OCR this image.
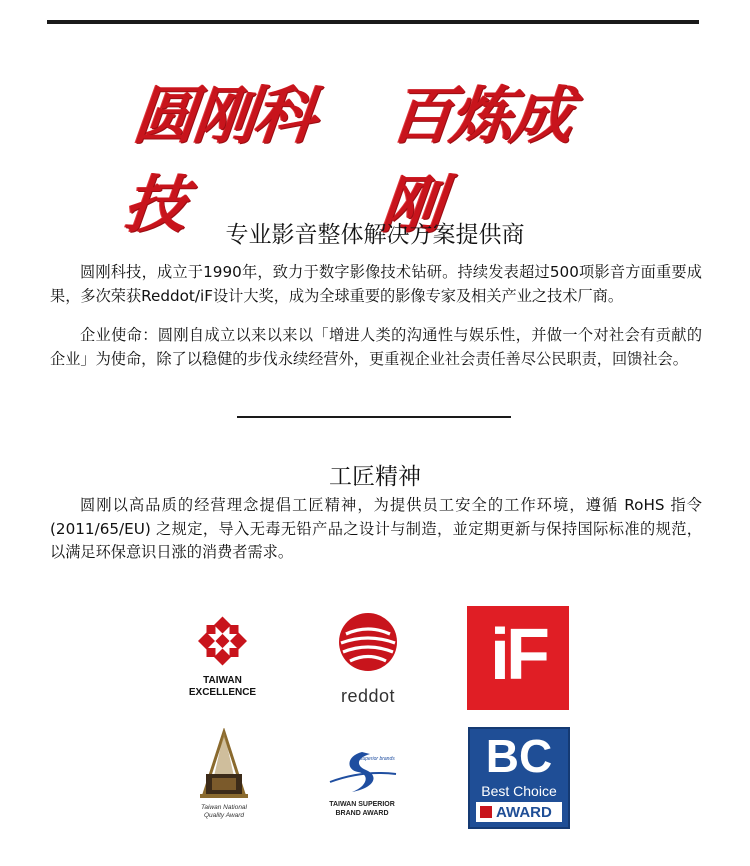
圆刚科技
百炼成刚
专业影音整体解决方案提供商

圆刚科技，成立于1990年，致力于数字影像技术钻研。持续发表超过500项影音方面重要成果，多次荣获Reddot/iF设计大奖，成为全球重要的影像专家及相关产业之技术厂商。

企业使命：圆刚自成立以来以来以「增进人类的沟通性与娱乐性，并做一个对社会有贡献的企业」为使命，除了以稳健的步伐永续经营外，更重视企业社会责任善尽公民职责，回馈社会。

工匠精神

圆刚以高品质的经营理念提倡工匠精神，为提供员工安全的工作环境，遵循 RoHS 指令 (2011/65/EU) 之规定，导入无毒无铅产品之设计与制造，並定期更新与保持国际标准的规范，以满足环保意识日涨的消费者需求。

TAIWAN
EXCELLENCE	reddot
iF
Taiwan National
Quality Award
superior brands
TAIWAN SUPERIOR
BRAND AWARD
BC
Best Choice
AWARD
